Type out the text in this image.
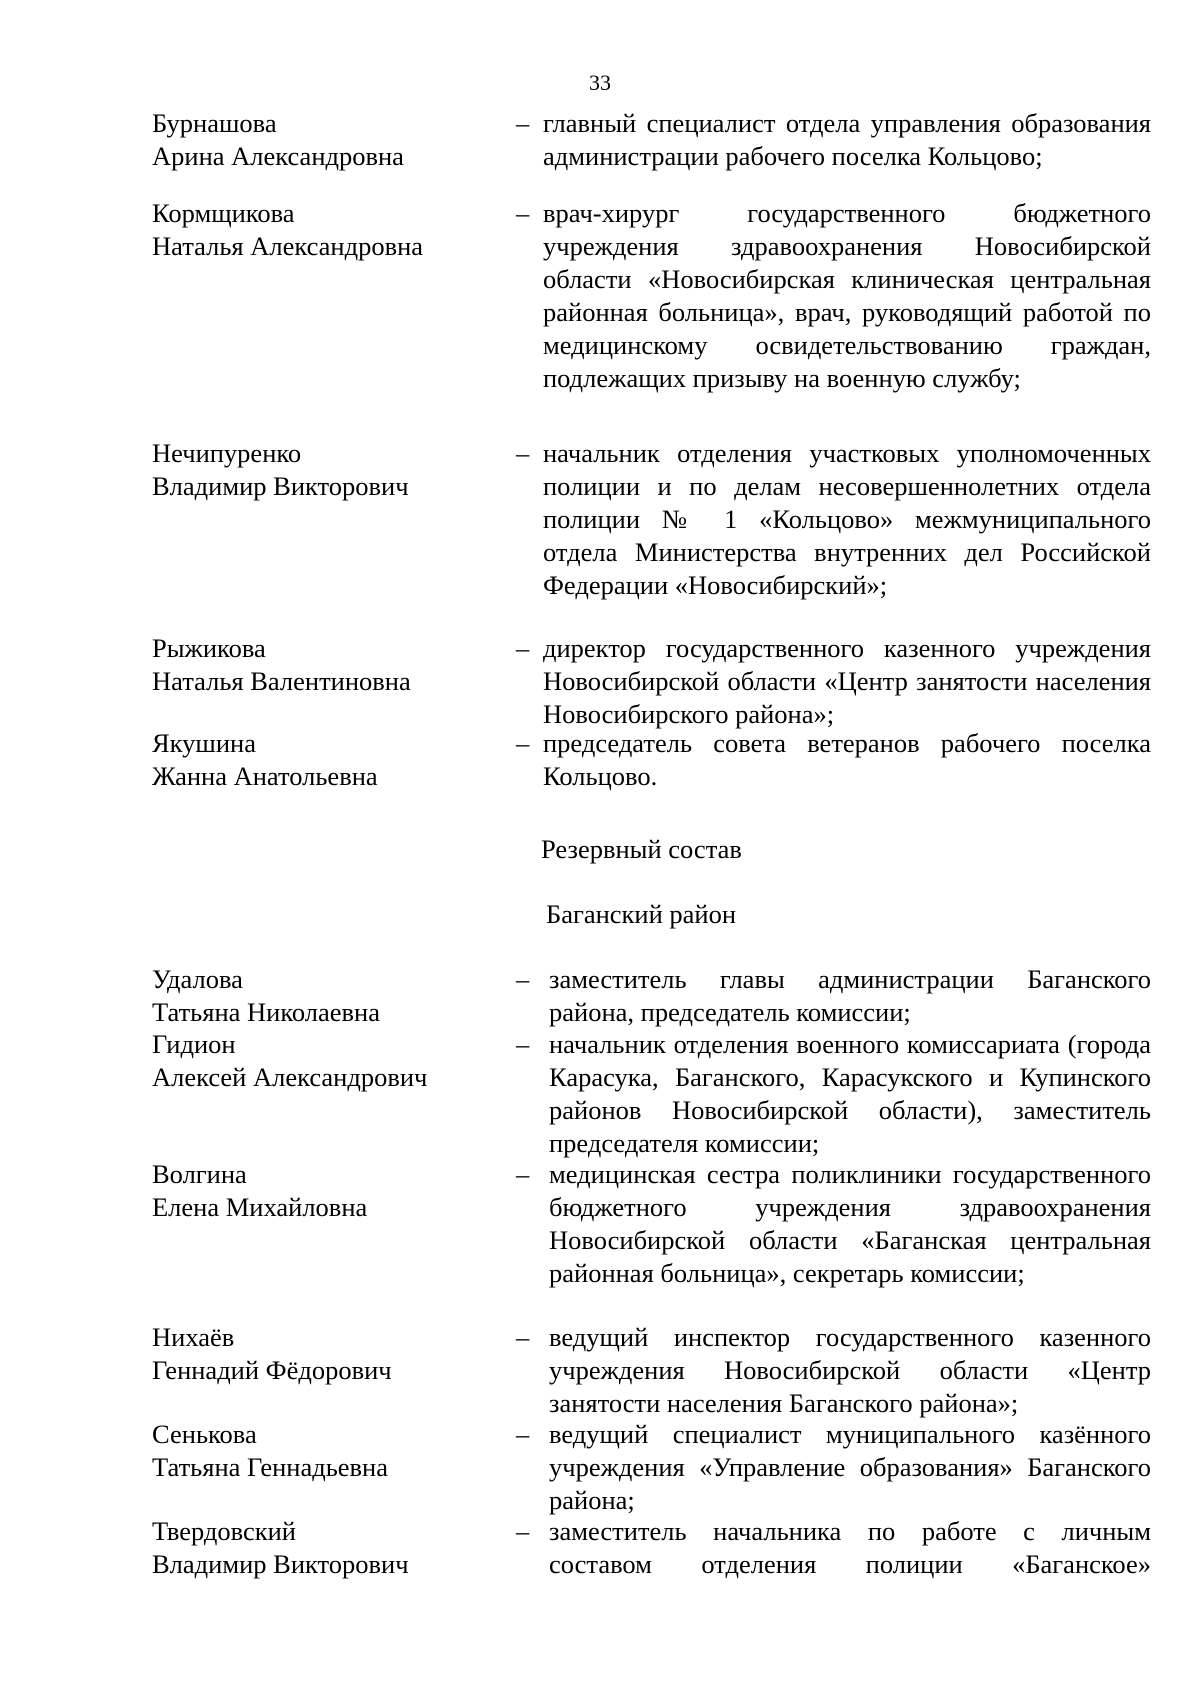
33
Бурнашова
Арина Александровна
– главный специалист отдела управления образования администрации рабочего поселка Кольцово;
Кормщикова
Наталья Александровна
– врач-хирург государственного бюджетного учреждения здравоохранения Новосибирской области «Новосибирская клиническая центральная районная больница», врач, руководящий работой по медицинскому освидетельствованию граждан, подлежащих призыву на военную службу;
Нечипуренко
Владимир Викторович
– начальник отделения участковых уполномоченных полиции и по делам несовершеннолетних отдела полиции № 1 «Кольцово» межмуниципального отдела Министерства внутренних дел Российской Федерации «Новосибирский»;
Рыжикова
Наталья Валентиновна
– директор государственного казенного учреждения Новосибирской области «Центр занятости населения Новосибирского района»;
Якушина
Жанна Анатольевна
– председатель совета ветеранов рабочего поселка Кольцово.
Резервный состав
Баганский район
Удалова
Татьяна Николаевна
– заместитель главы администрации Баганского района, председатель комиссии;
Гидион
Алексей Александрович
– начальник отделения военного комиссариата (города Карасука, Баганского, Карасукского и Купинского районов Новосибирской области), заместитель председателя комиссии;
Волгина
Елена Михайловна
– медицинская сестра поликлиники государственного бюджетного учреждения здравоохранения Новосибирской области «Баганская центральная районная больница», секретарь комиссии;
Нихаёв
Геннадий Фёдорович
– ведущий инспектор государственного казенного учреждения Новосибирской области «Центр занятости населения Баганского района»;
Сенькова
Татьяна Геннадьевна
– ведущий специалист муниципального казённого учреждения «Управление образования» Баганского района;
Твердовский
Владимир Викторович
– заместитель начальника по работе с личным составом отделения полиции «Баганское»
